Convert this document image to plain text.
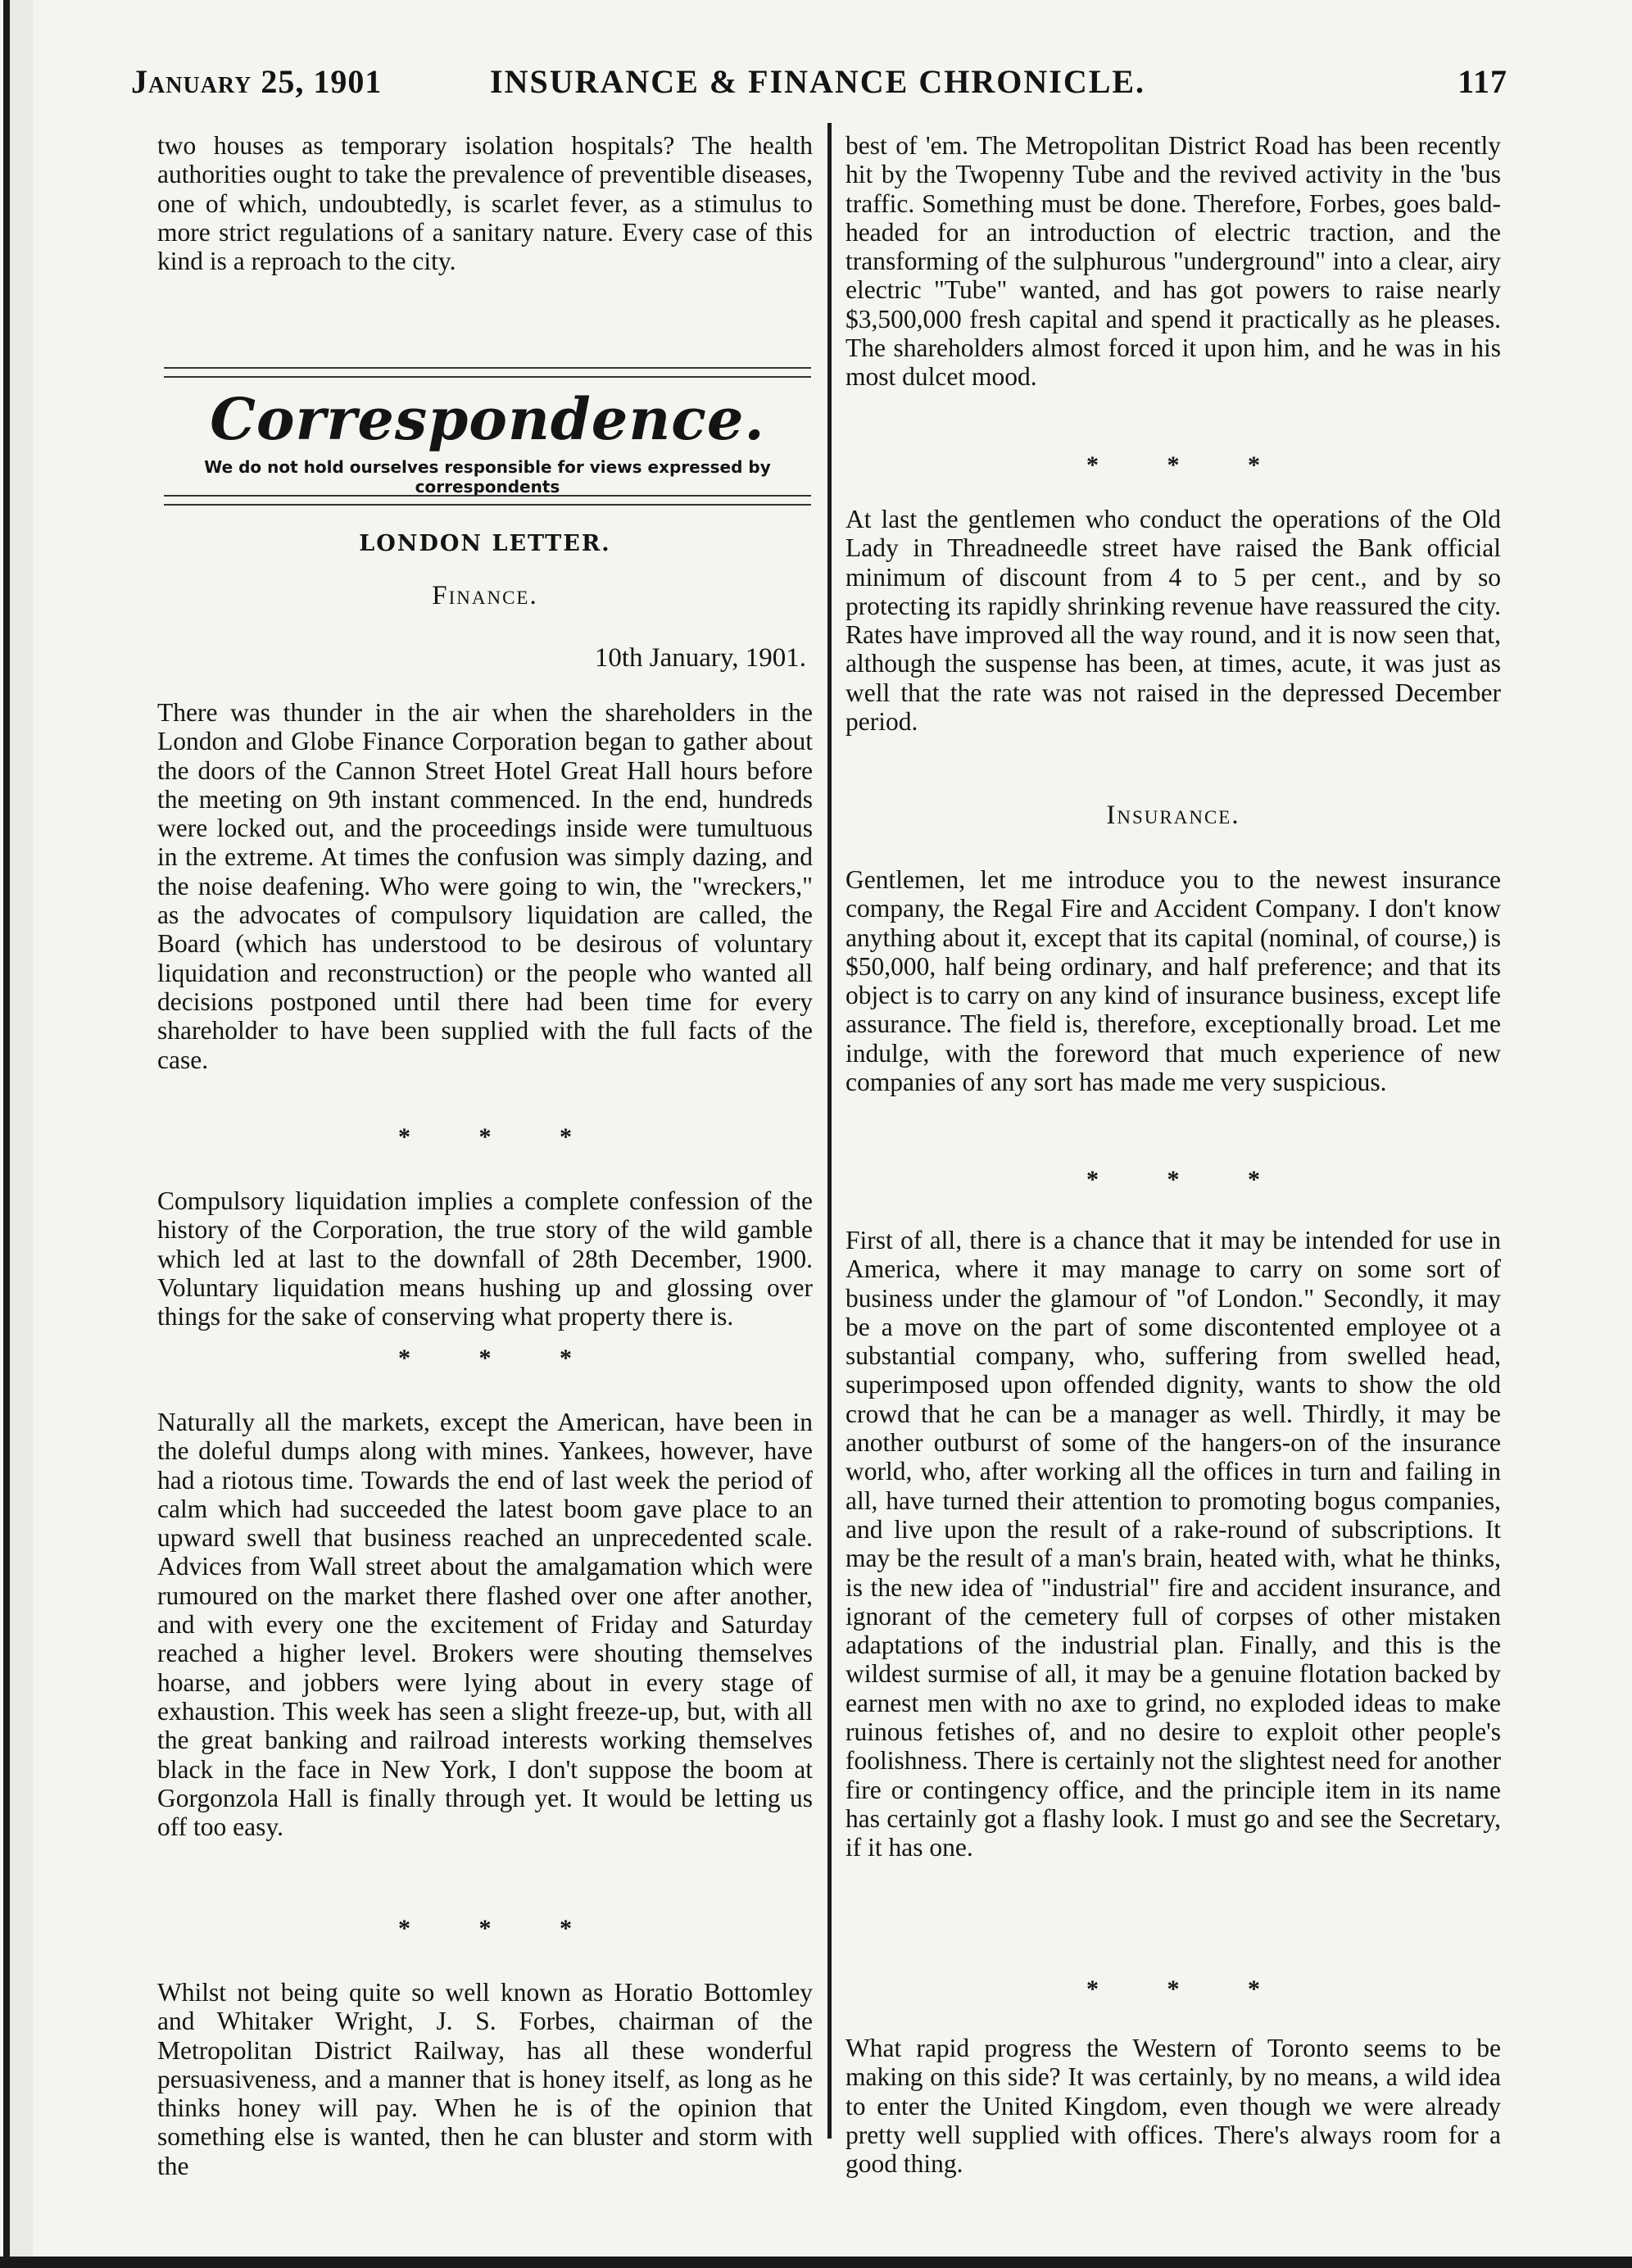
January 25, 1901	INSURANCE & FINANCE CHRONICLE.	117

two houses as temporary isolation hospitals? The health authorities ought to take the prevalence of preventible diseases, one of which, undoubtedly, is scarlet fever, as a stimulus to more strict regulations of a sanitary nature. Every case of this kind is a reproach to the city.

Correspondence.
We do not hold ourselves responsible for views expressed by correspondents
LONDON LETTER.
Finance.
10th January, 1901.

There was thunder in the air when the shareholders in the London and Globe Finance Corporation began to gather about the doors of the Cannon Street Hotel Great Hall hours before the meeting on 9th instant commenced. In the end, hundreds were locked out, and the proceedings inside were tumultuous in the extreme. At times the confusion was simply dazing, and the noise deafening. Who were going to win, the "wreckers," as the advocates of compulsory liquidation are called, the Board (which has understood to be desirous of voluntary liquidation and reconstruction) or the people who wanted all decisions postponed until there had been time for every shareholder to have been supplied with the full facts of the case.

* * *

Compulsory liquidation implies a complete confession of the history of the Corporation, the true story of the wild gamble which led at last to the downfall of 28th December, 1900. Voluntary liquidation means hushing up and glossing over things for the sake of conserving what property there is.

* * *

Naturally all the markets, except the American, have been in the doleful dumps along with mines. Yankees, however, have had a riotous time. Towards the end of last week the period of calm which had succeeded the latest boom gave place to an upward swell that business reached an unprecedented scale. Advices from Wall street about the amalgamation which were rumoured on the market there flashed over one after another, and with every one the excitement of Friday and Saturday reached a higher level. Brokers were shouting themselves hoarse, and jobbers were lying about in every stage of exhaustion. This week has seen a slight freeze-up, but, with all the great banking and railroad interests working themselves black in the face in New York, I don't suppose the boom at Gorgonzola Hall is finally through yet. It would be letting us off too easy.

* * *

Whilst not being quite so well known as Horatio Bottomley and Whitaker Wright, J. S. Forbes, chairman of the Metropolitan District Railway, has all these wonderful persuasiveness, and a manner that is honey itself, as long as he thinks honey will pay. When he is of the opinion that something else is wanted, then he can bluster and storm with the

best of 'em. The Metropolitan District Road has been recently hit by the Twopenny Tube and the revived activity in the 'bus traffic. Something must be done. Therefore, Forbes, goes bald-headed for an introduction of electric traction, and the transforming of the sulphurous "underground" into a clear, airy electric "Tube" wanted, and has got powers to raise nearly $3,500,000 fresh capital and spend it practically as he pleases. The shareholders almost forced it upon him, and he was in his most dulcet mood.

* * *

At last the gentlemen who conduct the operations of the Old Lady in Threadneedle street have raised the Bank official minimum of discount from 4 to 5 per cent., and by so protecting its rapidly shrinking revenue have reassured the city. Rates have improved all the way round, and it is now seen that, although the suspense has been, at times, acute, it was just as well that the rate was not raised in the depressed December period.

Insurance.

Gentlemen, let me introduce you to the newest insurance company, the Regal Fire and Accident Company. I don't know anything about it, except that its capital (nominal, of course,) is $50,000, half being ordinary, and half preference; and that its object is to carry on any kind of insurance business, except life assurance. The field is, therefore, exceptionally broad. Let me indulge, with the foreword that much experience of new companies of any sort has made me very suspicious.

* * *

First of all, there is a chance that it may be intended for use in America, where it may manage to carry on some sort of business under the glamour of "of London." Secondly, it may be a move on the part of some discontented employee ot a substantial company, who, suffering from swelled head, superimposed upon offended dignity, wants to show the old crowd that he can be a manager as well. Thirdly, it may be another outburst of some of the hangers-on of the insurance world, who, after working all the offices in turn and failing in all, have turned their attention to promoting bogus companies, and live upon the result of a rake-round of subscriptions. It may be the result of a man's brain, heated with, what he thinks, is the new idea of "industrial" fire and accident insurance, and ignorant of the cemetery full of corpses of other mistaken adaptations of the industrial plan. Finally, and this is the wildest surmise of all, it may be a genuine flotation backed by earnest men with no axe to grind, no exploded ideas to make ruinous fetishes of, and no desire to exploit other people's foolishness. There is certainly not the slightest need for another fire or contingency office, and the principle item in its name has certainly got a flashy look. I must go and see the Secretary, if it has one.

* * *

What rapid progress the Western of Toronto seems to be making on this side? It was certainly, by no means, a wild idea to enter the United Kingdom, even though we were already pretty well supplied with offices. There's always room for a good thing.
